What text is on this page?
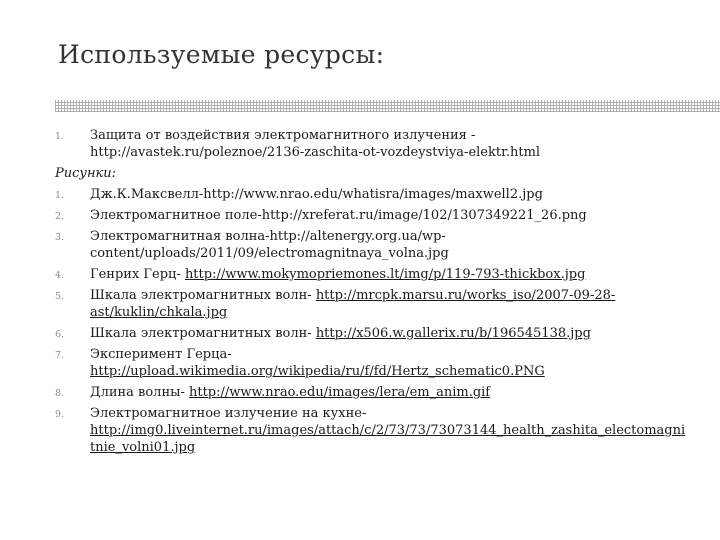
Используемые ресурсы:
1. Защита от воздействия электромагнитного излучения - http://avastek.ru/poleznoe/2136-zaschita-ot-vozdeystviya-elektr.html
Рисунки:
1. Дж.К.Максвелл-http://www.nrao.edu/whatisra/images/maxwell2.jpg
2. Электромагнитное поле-http://xreferat.ru/image/102/1307349221_26.png
3. Электромагнитная волна-http://altenergy.org.ua/wp-content/uploads/2011/09/electromagnitnaya_volna.jpg
4. Генрих Герц- http://www.mokymopriemones.lt/img/p/119-793-thickbox.jpg
5. Шкала электромагнитных волн- http://mrcpk.marsu.ru/works_iso/2007-09-28-ast/kuklin/chkala.jpg
6. Шкала электромагнитных волн- http://x506.w.gallerix.ru/b/196545138.jpg
7. Эксперимент Герца-
http://upload.wikimedia.org/wikipedia/ru/f/fd/Hertz_schematic0.PNG
8. Длина волны- http://www.nrao.edu/images/lera/em_anim.gif
9. Электромагнитное излучение на кухне-
http://img0.liveinternet.ru/images/attach/c/2/73/73/73073144_health_zashita_electomagnitnie_volni01.jpg
